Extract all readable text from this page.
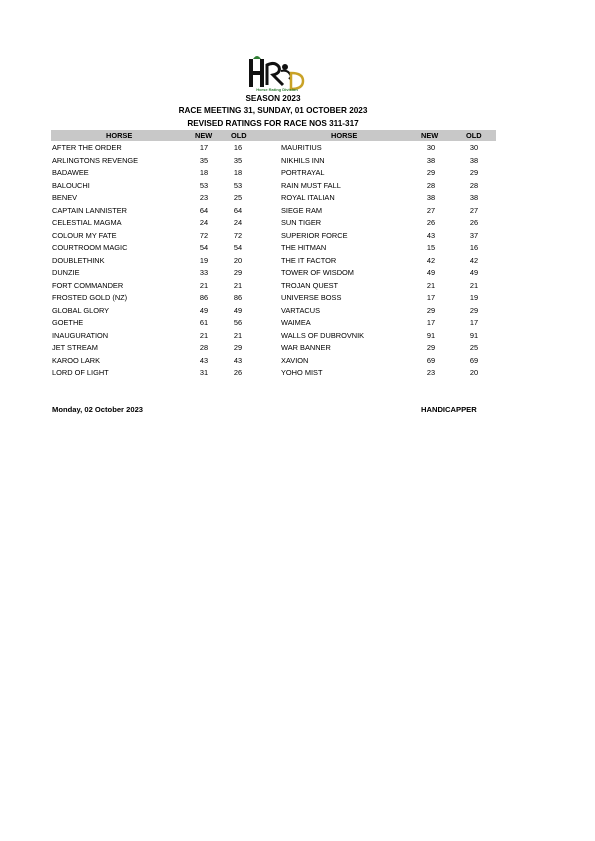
Horse Rating Division
SEASON 2023
RACE MEETING 31, SUNDAY, 01 OCTOBER 2023
REVISED RATINGS FOR RACE NOS 311-317
HORSE	NEW	OLD	HORSE	NEW	OLD
AFTER THE ORDER	17	16	MAURITIUS	30	30
ARLINGTONS REVENGE	35	35	NIKHILS INN	38	38
BADAWEE	18	18	PORTRAYAL	29	29
BALOUCHI	53	53	RAIN MUST FALL	28	28
BENEV	23	25	ROYAL ITALIAN	38	38
CAPTAIN LANNISTER	64	64	SIEGE RAM	27	27
CELESTIAL MAGMA	24	24	SUN TIGER	26	26
COLOUR MY FATE	72	72	SUPERIOR FORCE	43	37
COURTROOM MAGIC	54	54	THE HITMAN	15	16
DOUBLETHINK	19	20	THE IT FACTOR	42	42
DUNZIE	33	29	TOWER OF WISDOM	49	49
FORT COMMANDER	21	21	TROJAN QUEST	21	21
FROSTED GOLD (NZ)	86	86	UNIVERSE BOSS	17	19
GLOBAL GLORY	49	49	VARTACUS	29	29
GOETHE	61	56	WAIMEA	17	17
INAUGURATION	21	21	WALLS OF DUBROVNIK	91	91
JET STREAM	28	29	WAR BANNER	29	25
KAROO LARK	43	43	XAVION	69	69
LORD OF LIGHT	31	26	YOHO MIST	23	20
Monday, 02 October 2023	HANDICAPPER
